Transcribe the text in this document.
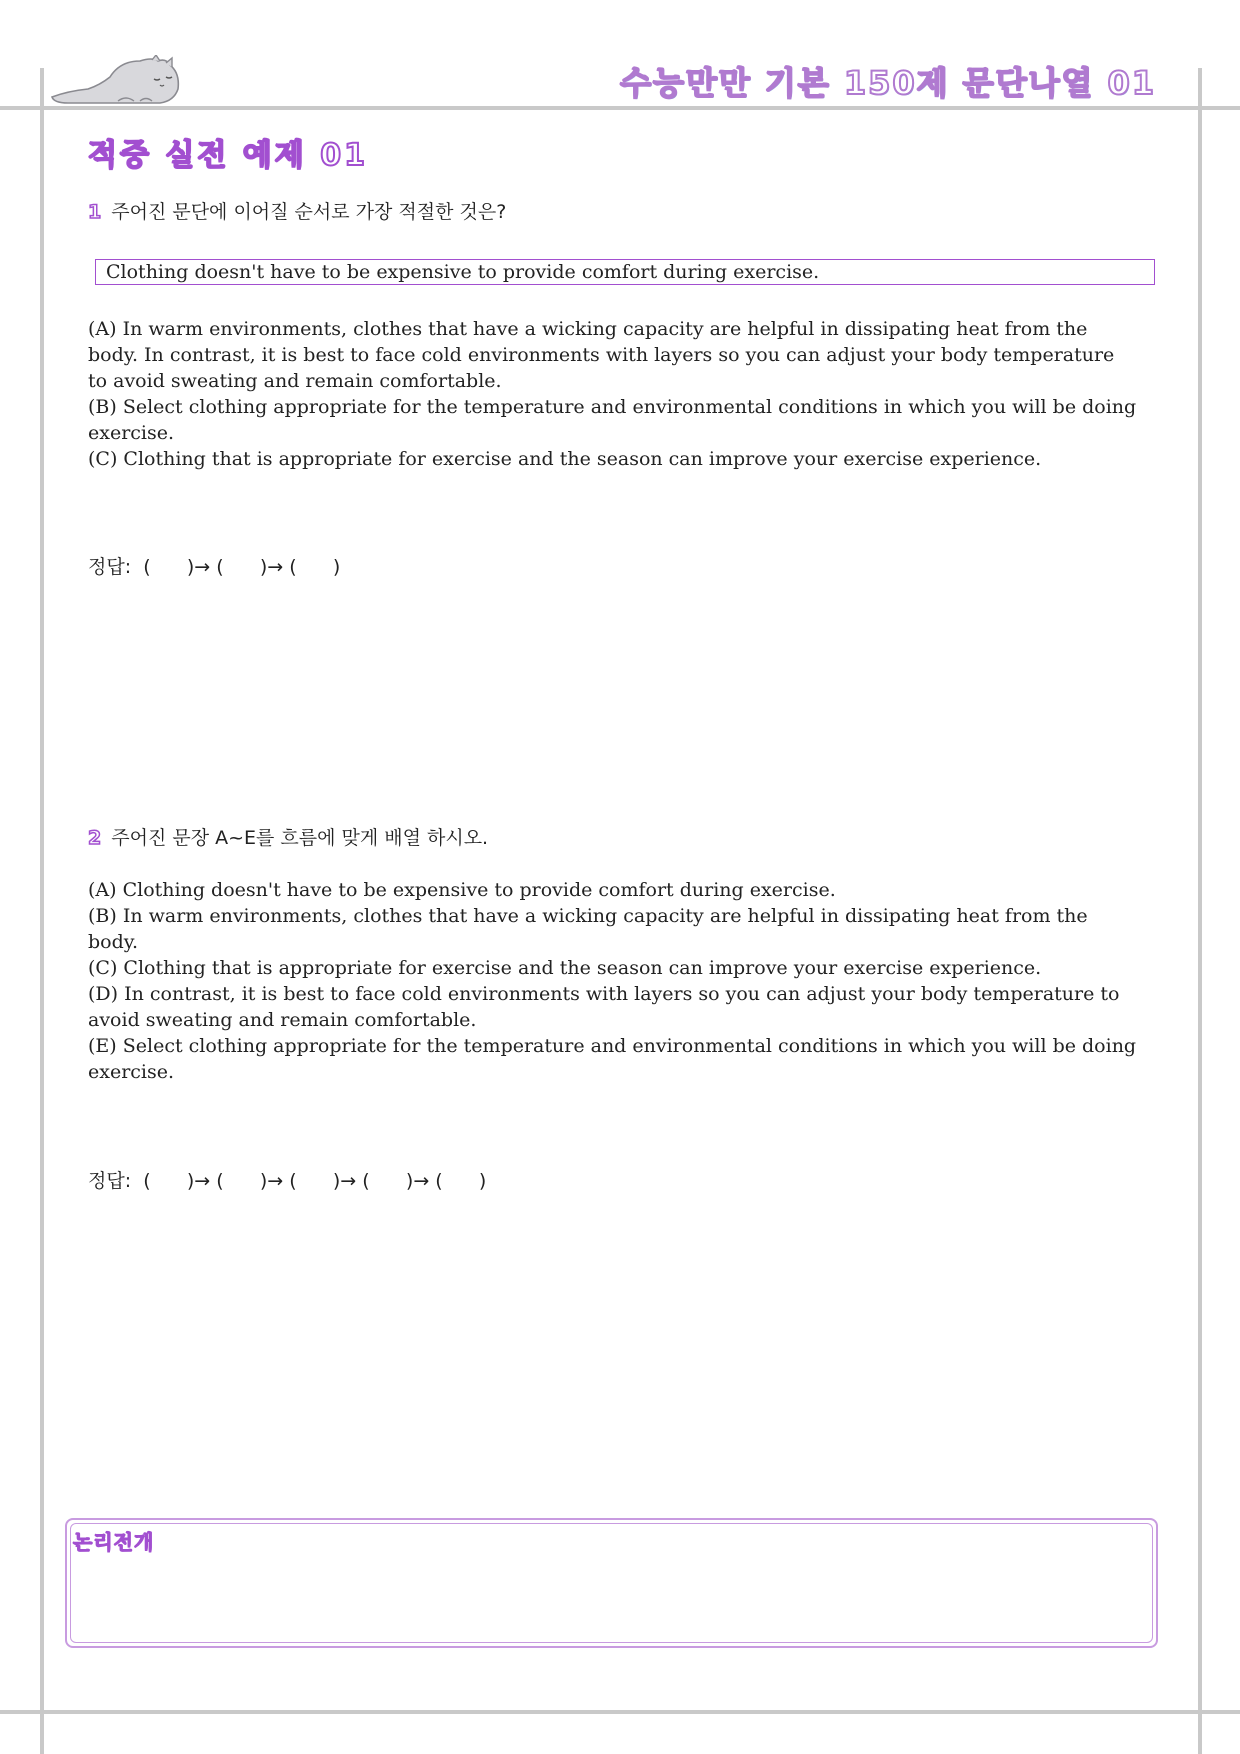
수능만만 기본 150제 문단나열 01
적중 실전 예제 01
1 주어진 문단에 이어질 순서로 가장 적절한 것은?
Clothing doesn't have to be expensive to provide comfort during exercise.

(A) In warm environments, clothes that have a wicking capacity are helpful in dissipating heat from the body. In contrast, it is best to face cold environments with layers so you can adjust your body temperature to avoid sweating and remain comfortable.

(B) Select clothing appropriate for the temperature and environmental conditions in which you will be doing exercise.

(C) Clothing that is appropriate for exercise and the season can improve your exercise experience.

정답:  (      )→ (      )→ (      )
2 주어진 문장 A~E를 흐름에 맞게 배열 하시오.

(A) Clothing doesn't have to be expensive to provide comfort during exercise.

(B) In warm environments, clothes that have a wicking capacity are helpful in dissipating heat from the body.

(C) Clothing that is appropriate for exercise and the season can improve your exercise experience.

(D) In contrast, it is best to face cold environments with layers so you can adjust your body temperature to avoid sweating and remain comfortable.

(E) Select clothing appropriate for the temperature and environmental conditions in which you will be doing exercise.

정답:  (      )→ (      )→ (      )→ (      )→ (      )
논리전개
